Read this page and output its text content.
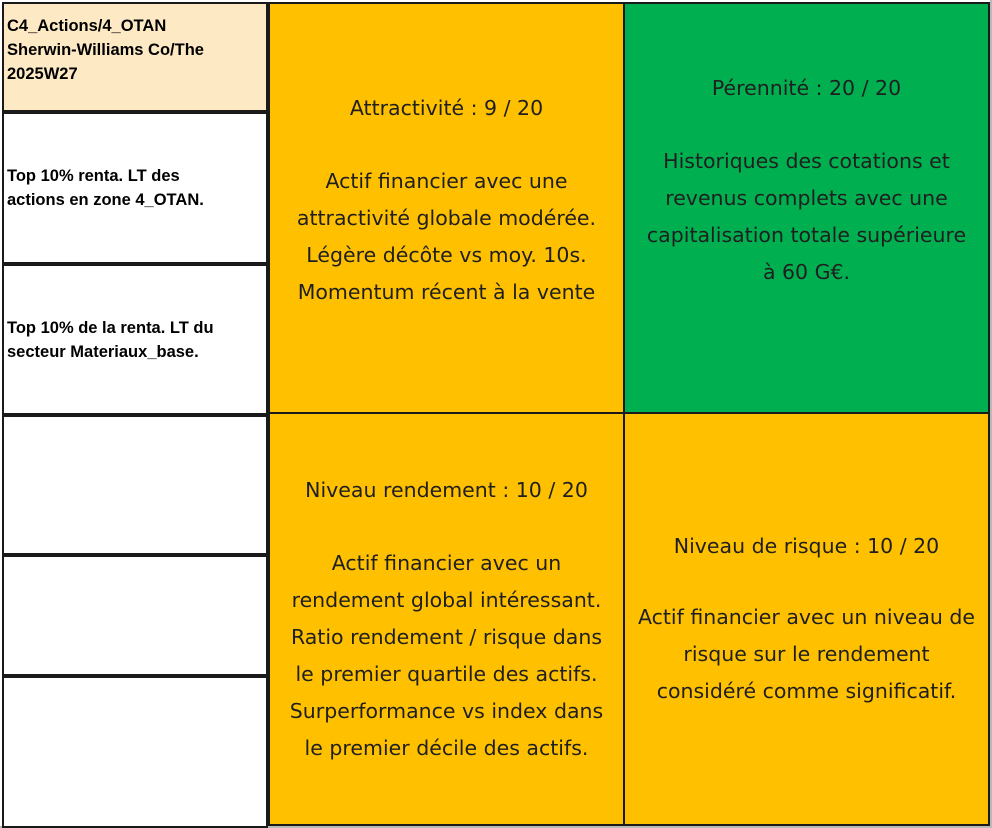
C4_Actions/4_OTAN
Sherwin-Williams Co/The
2025W27
Top 10% renta. LT des
actions en zone 4_OTAN.
Top 10% de la renta. LT du
secteur Materiaux_base.
Attractivité : 9 / 20
Actif financier avec une
attractivité globale modérée.
Légère décôte vs moy. 10s.
Momentum récent à la vente
Pérennité : 20 / 20
Historiques des cotations et
revenus complets avec une
capitalisation totale supérieure
à 60 G€.
Niveau rendement : 10 / 20
Actif financier avec un
rendement global intéressant.
Ratio rendement / risque dans
le premier quartile des actifs.
Surperformance vs index dans
le premier décile des actifs.
Niveau de risque : 10 / 20
Actif financier avec un niveau de
risque sur le rendement
considéré comme significatif.
